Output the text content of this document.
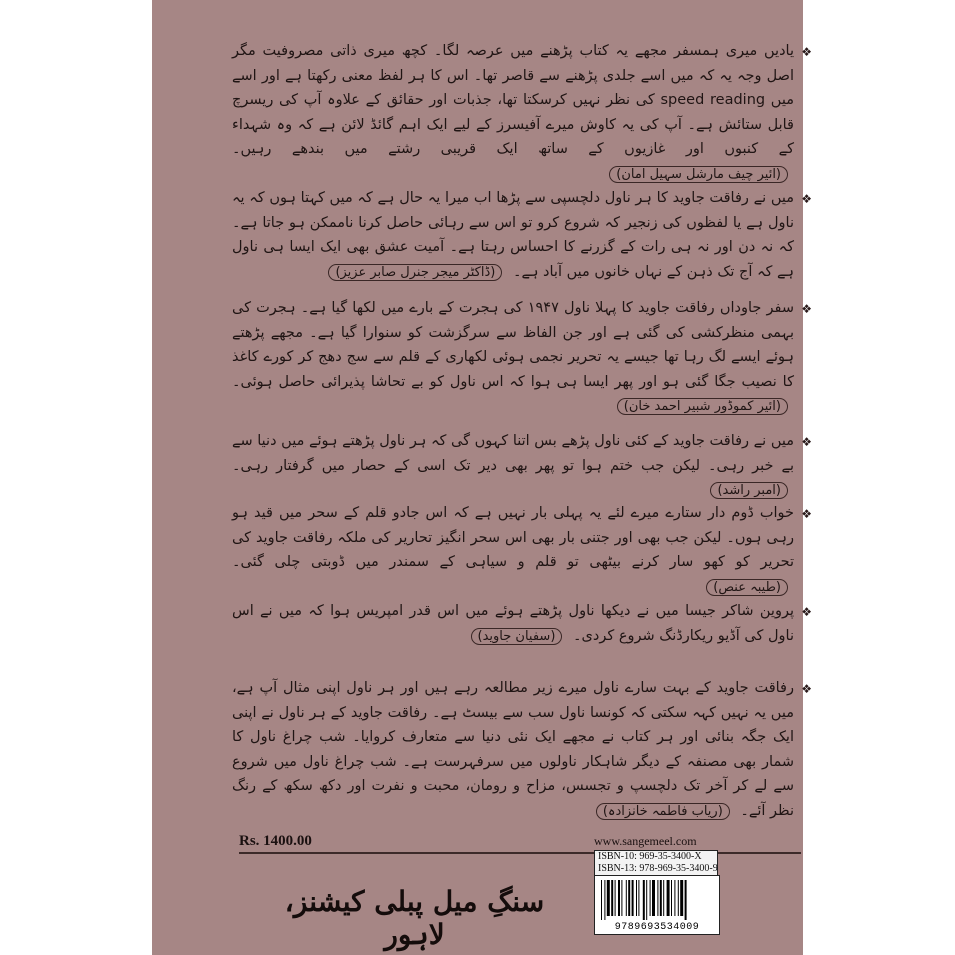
❖
یادیں میری ہمسفر مجھے یہ کتاب پڑھنے میں عرصہ لگا۔ کچھ میری ذاتی مصروفیت مگر اصل وجہ یہ کہ میں اسے جلدی پڑھنے سے قاصر تھا۔ اس کا ہر لفظ معنی رکھتا ہے اور اسے میں speed reading کی نظر نہیں کرسکتا تھا، جذبات اور حقائق کے علاوہ آپ کی ریسرچ قابل ستائش ہے۔ آپ کی یہ کاوش میرے آفیسرز کے لیے ایک اہم گائڈ لائن ہے کہ وہ شہداء کے کنبوں اور غازیوں کے ساتھ ایک قریبی رشتے میں بندھے رہیں۔ (ائیر چیف مارشل سہیل امان)
❖
میں نے رفاقت جاوید کا ہر ناول دلچسپی سے پڑھا اب میرا یہ حال ہے کہ میں کہتا ہوں کہ یہ ناول ہے یا لفظوں کی زنجیر کہ شروع کرو تو اس سے رہائی حاصل کرنا ناممکن ہو جاتا ہے۔ کہ نہ دن اور نہ ہی رات کے گزرنے کا احساس رہتا ہے۔ آمیت عشق بھی ایک ایسا ہی ناول ہے کہ آج تک ذہن کے نہاں خانوں میں آباد ہے۔ (ڈاکٹر میجر جنرل صابر عزیز)
❖
سفر جاوداں رفاقت جاوید کا پہلا ناول ۱۹۴۷ کی ہجرت کے بارے میں لکھا گیا ہے۔ ہجرت کی بہمی منظرکشی کی گئی ہے اور جن الفاظ سے سرگزشت کو سنوارا گیا ہے۔ مجھے پڑھتے ہوئے ایسے لگ رہا تھا جیسے یہ تحریر نجمی ہوئی لکھاری کے قلم سے سج دھج کر کورے کاغذ کا نصیب جگا گئی ہو اور پھر ایسا ہی ہوا کہ اس ناول کو بے تحاشا پذیرائی حاصل ہوئی۔ (ائیر کموڈور شبیر احمد خان)
❖
میں نے رفاقت جاوید کے کئی ناول پڑھے بس اتنا کہوں گی کہ ہر ناول پڑھتے ہوئے میں دنیا سے بے خبر رہی۔ لیکن جب ختم ہوا تو پھر بھی دیر تک اسی کے حصار میں گرفتار رہی۔ (امبر راشد)
❖
خواب ڈوم دار ستارے میرے لئے یہ پہلی بار نہیں ہے کہ اس جادو قلم کے سحر میں قید ہو رہی ہوں۔ لیکن جب بھی اور جتنی بار بھی اس سحر انگیز تحاریر کی ملکہ رفاقت جاوید کی تحریر کو کھو سار کرنے بیٹھی تو قلم و سیاہی کے سمندر میں ڈوبتی چلی گئی۔ (طیبہ عنص)
❖
پروین شاکر جیسا میں نے دیکھا ناول پڑھتے ہوئے میں اس قدر امپریس ہوا کہ میں نے اس ناول کی آڈیو ریکارڈنگ شروع کردی۔ (سفیان جاوید)
❖
رفاقت جاوید کے بہت سارے ناول میرے زیر مطالعہ رہے ہیں اور ہر ناول اپنی مثال آپ ہے، میں یہ نہیں کہہ سکتی کہ کونسا ناول سب سے بیسٹ ہے۔ رفاقت جاوید کے ہر ناول نے اپنی ایک جگہ بنائی اور ہر کتاب نے مجھے ایک نئی دنیا سے متعارف کروایا۔ شب چراغ ناول کا شمار بھی مصنفہ کے دیگر شاہکار ناولوں میں سرفہرست ہے۔ شب چراغ ناول میں شروع سے لے کر آخر تک دلچسپ و تجسس، مزاح و رومان، محبت و نفرت اور دکھ سکھ کے رنگ نظر آئے۔ (ریاب فاطمہ خانزادہ)
Rs. 1400.00	www.sangemeel.com
ISBN-10: 969-35-3400-X
ISBN-13: 978-969-35-3400-9
9789693534009
سنگِ میل پبلی کیشنز، لاہور
